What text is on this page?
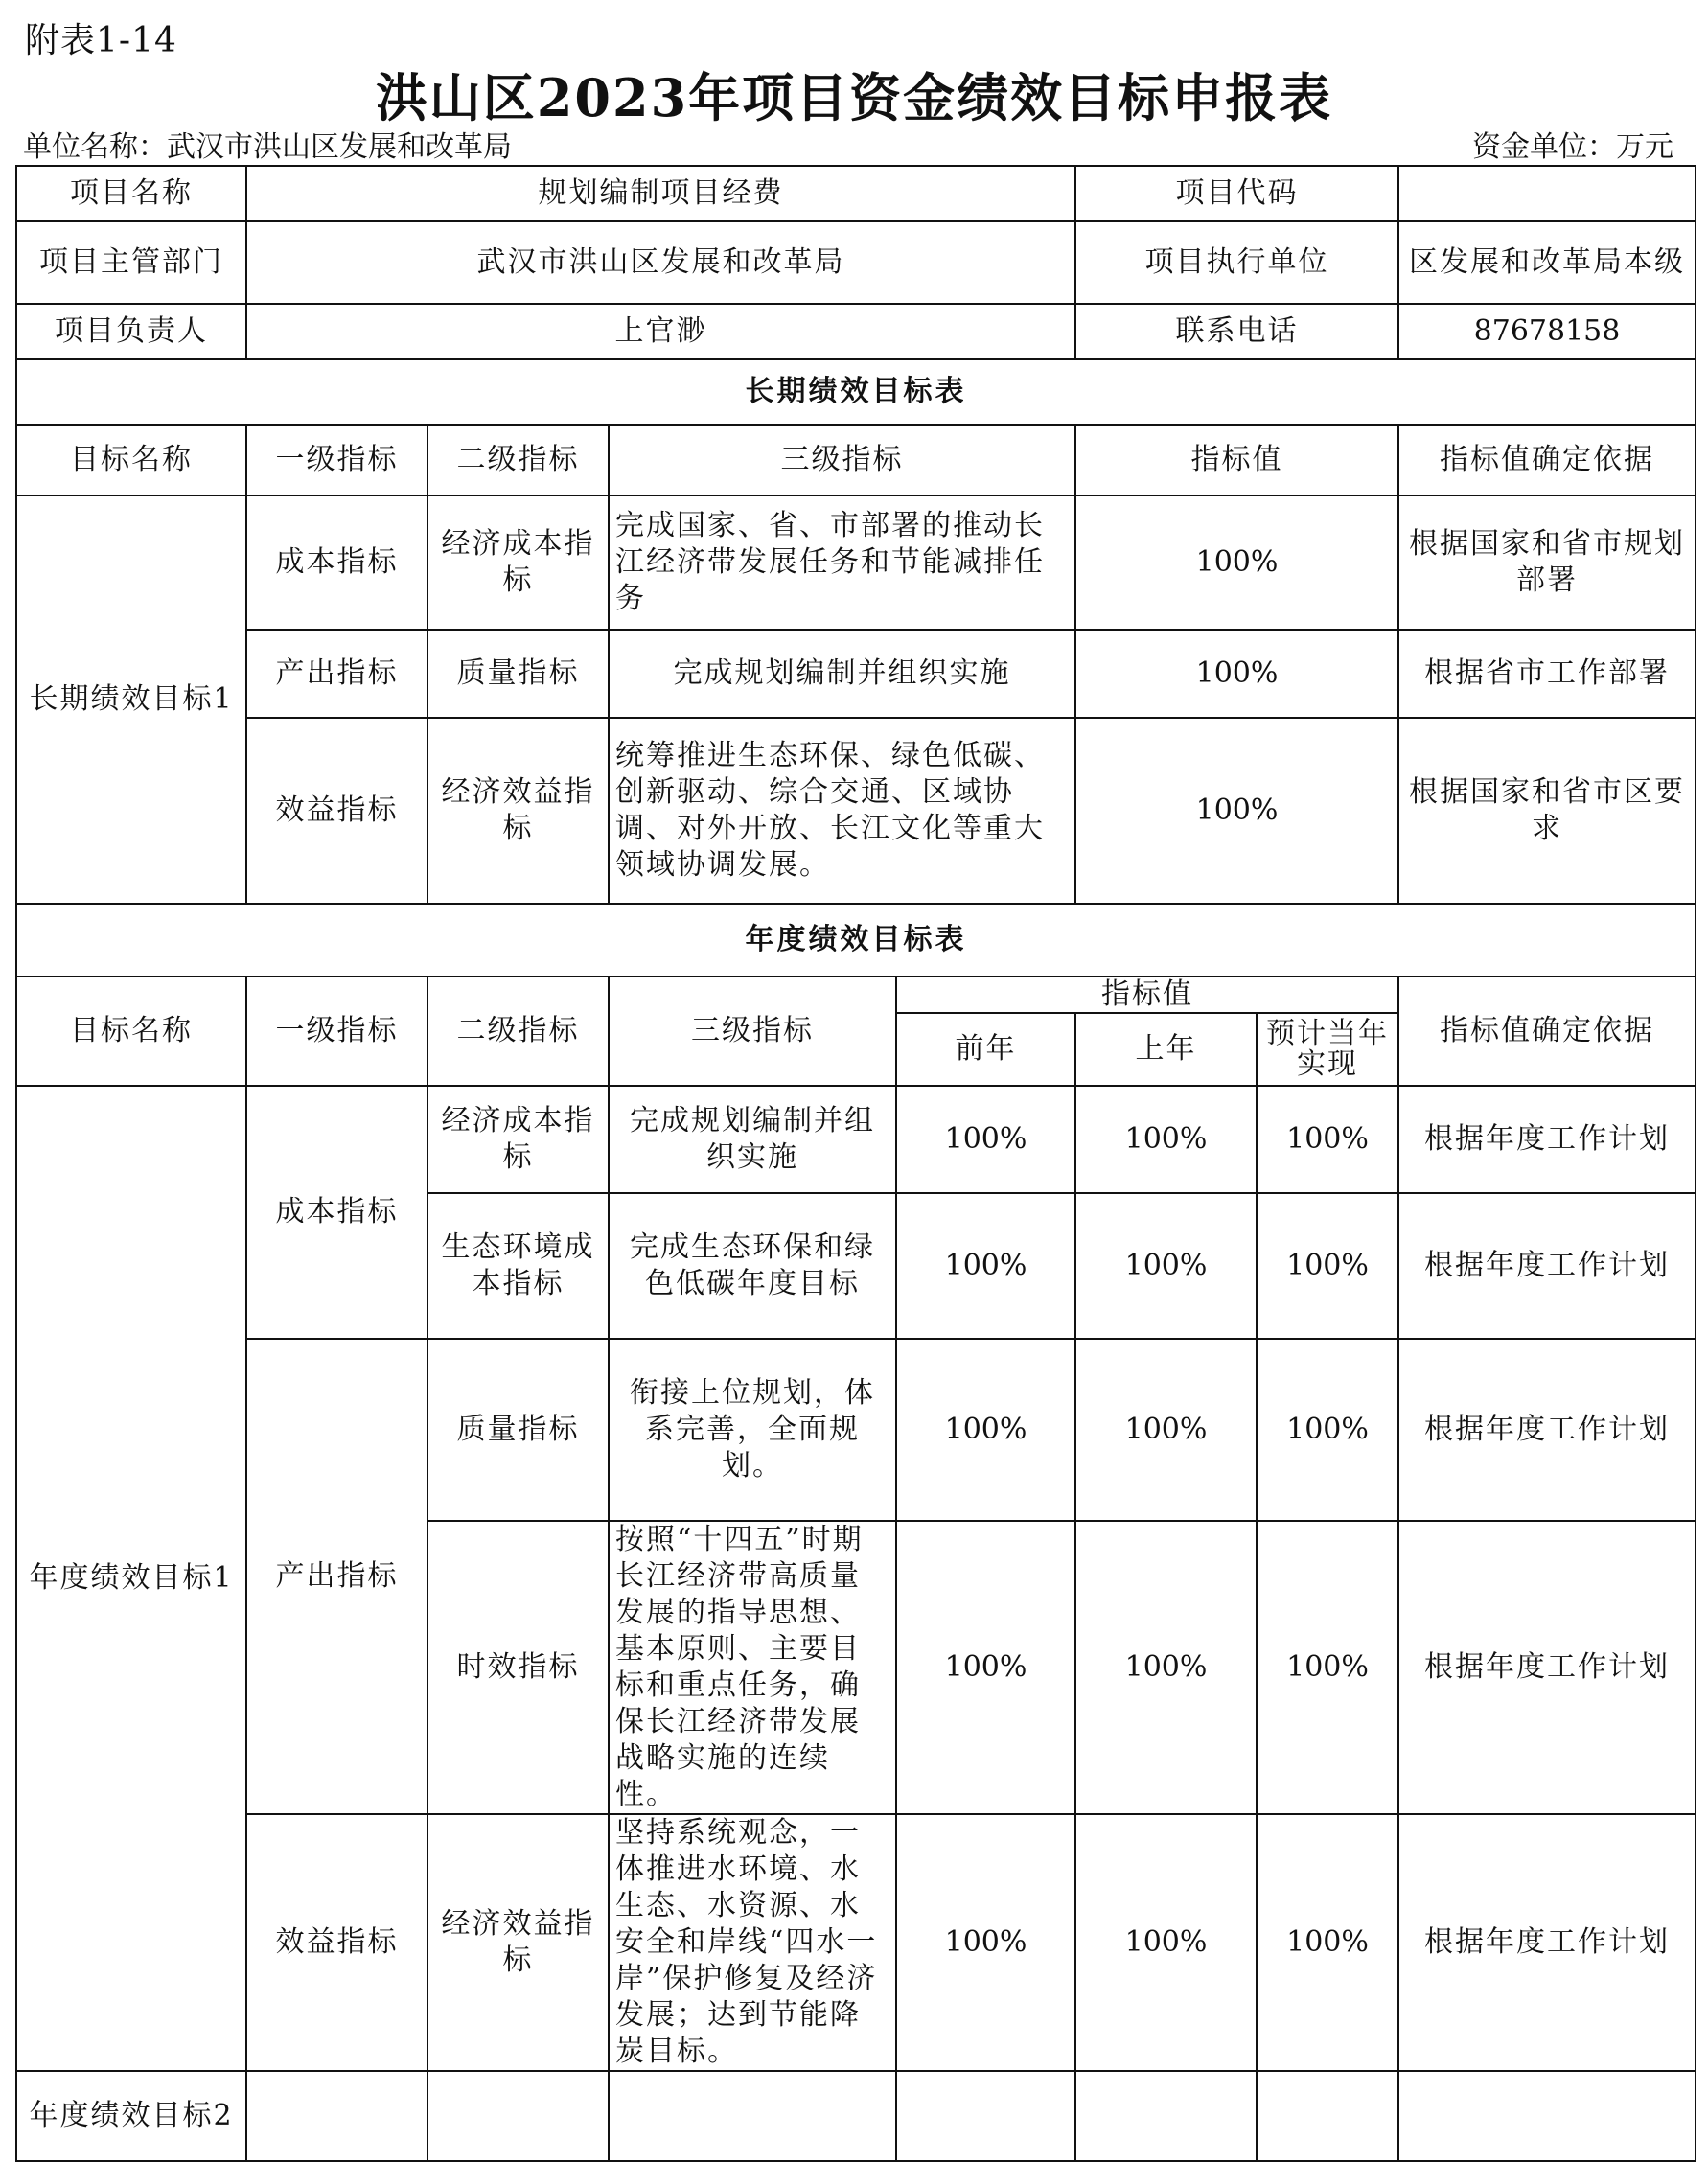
附表1-14
洪山区2023年项目资金绩效目标申报表
单位名称：武汉市洪山区发展和改革局	资金单位：万元
项目名称	规划编制项目经费				项目代码		
项目主管部门	武汉市洪山区发展和改革局				项目执行单位		区发展和改革局本级
项目负责人	上官渺				联系电话		87678158
长期绩效目标表							
目标名称	一级指标	二级指标	三级指标		指标值		指标值确定依据
长期绩效目标1	成本指标	经济成本指标	完成国家、省、市部署的推动长江经济带发展任务和节能减排任务		100%		根据国家和省市规划部署
	产出指标	质量指标	完成规划编制并组织实施		100%		根据省市工作部署
	效益指标	经济效益指标	统筹推进生态环保、绿色低碳、创新驱动、综合交通、区域协调、对外开放、长江文化等重大领域协调发展。		100%		根据国家和省市区要求
年度绩效目标表							
目标名称	一级指标	二级指标	三级指标	指标值			指标值确定依据
				前年	上年	预计当年实现	
年度绩效目标1	成本指标	经济成本指标	完成规划编制并组织实施	100%	100%	100%	根据年度工作计划
		生态环境成本指标	完成生态环保和绿色低碳年度目标	100%	100%	100%	根据年度工作计划
	产出指标	质量指标	衔接上位规划，体系完善，全面规划。	100%	100%	100%	根据年度工作计划
		时效指标	按照“十四五”时期长江经济带高质量发展的指导思想、基本原则、主要目标和重点任务，确保长江经济带发展战略实施的连续性。	100%	100%	100%	根据年度工作计划
	效益指标	经济效益指标	坚持系统观念，一体推进水环境、水生态、水资源、水安全和岸线“四水一岸”保护修复及经济发展；达到节能降炭目标。	100%	100%	100%	根据年度工作计划
年度绩效目标2							
